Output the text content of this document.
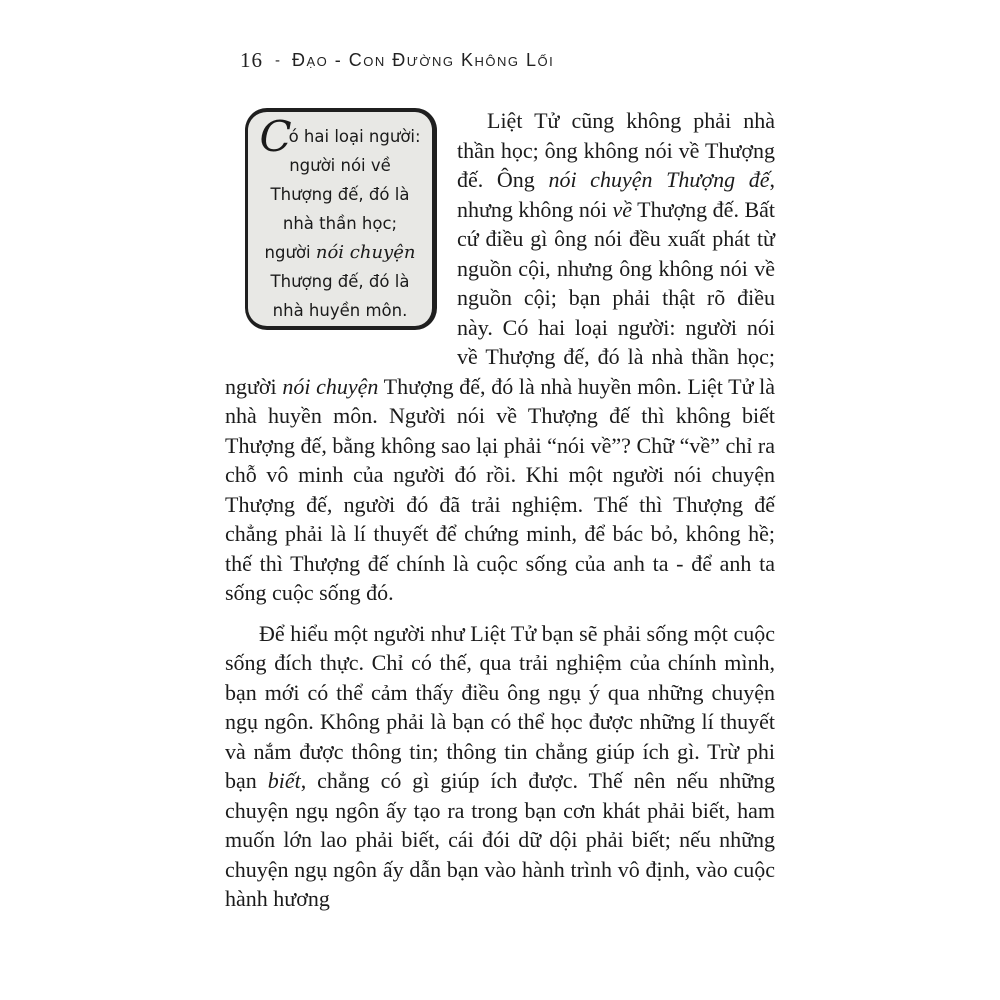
16 - Đạo - Con Đường Không Lối
Có hai loại người: người nói về Thượng đế, đó là nhà thần học; người nói chuyện Thượng đế, đó là nhà huyền môn.

Liệt Tử cũng không phải nhà thần học; ông không nói về Thượng đế. Ông nói chuyện Thượng đế, nhưng không nói về Thượng đế. Bất cứ điều gì ông nói đều xuất phát từ nguồn cội, nhưng ông không nói về nguồn cội; bạn phải thật rõ điều này. Có hai loại người: người nói về Thượng đế, đó là nhà thần học; người nói chuyện Thượng đế, đó là nhà huyền môn. Liệt Tử là nhà huyền môn. Người nói về Thượng đế thì không biết Thượng đế, bằng không sao lại phải “nói về”? Chữ “về” chỉ ra chỗ vô minh của người đó rồi. Khi một người nói chuyện Thượng đế, người đó đã trải nghiệm. Thế thì Thượng đế chẳng phải là lí thuyết để chứng minh, để bác bỏ, không hề; thế thì Thượng đế chính là cuộc sống của anh ta - để anh ta sống cuộc sống đó.

Để hiểu một người như Liệt Tử bạn sẽ phải sống một cuộc sống đích thực. Chỉ có thế, qua trải nghiệm của chính mình, bạn mới có thể cảm thấy điều ông ngụ ý qua những chuyện ngụ ngôn. Không phải là bạn có thể học được những lí thuyết và nắm được thông tin; thông tin chẳng giúp ích gì. Trừ phi bạn biết, chẳng có gì giúp ích được. Thế nên nếu những chuyện ngụ ngôn ấy tạo ra trong bạn cơn khát phải biết, ham muốn lớn lao phải biết, cái đói dữ dội phải biết; nếu những chuyện ngụ ngôn ấy dẫn bạn vào hành trình vô định, vào cuộc hành hương
